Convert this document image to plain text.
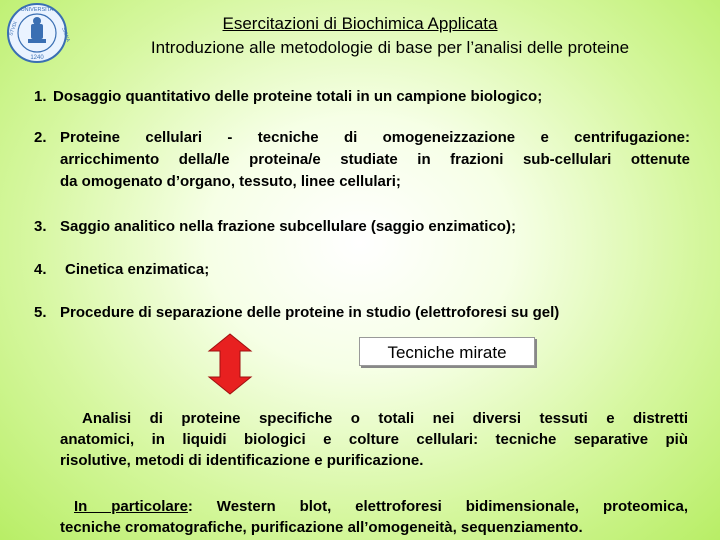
UNIVERSITA
STVDI	SIENA
1240
Esercitazioni di Biochimica Applicata
Introduzione alle metodologie di base per l’analisi delle proteine
1. Dosaggio quantitativo delle proteine totali in un campione biologico;
2. Proteine cellulari - tecniche di omogeneizzazione e centrifugazione:
arricchimento della/le proteina/e studiate in frazioni sub-cellulari ottenute
da omogenato d’organo, tessuto, linee cellulari;
3. Saggio analitico nella frazione subcellulare (saggio enzimatico);
4. Cinetica enzimatica;
5. Procedure di separazione delle proteine in studio (elettroforesi su gel)
Tecniche mirate
Analisi di proteine specifiche o totali nei diversi tessuti e distretti
anatomici, in liquidi biologici e colture cellulari: tecniche separative più
risolutive, metodi di identificazione e purificazione.
In particolare: Western blot, elettroforesi bidimensionale, proteomica,
tecniche cromatografiche, purificazione all’omogeneità, sequenziamento.
